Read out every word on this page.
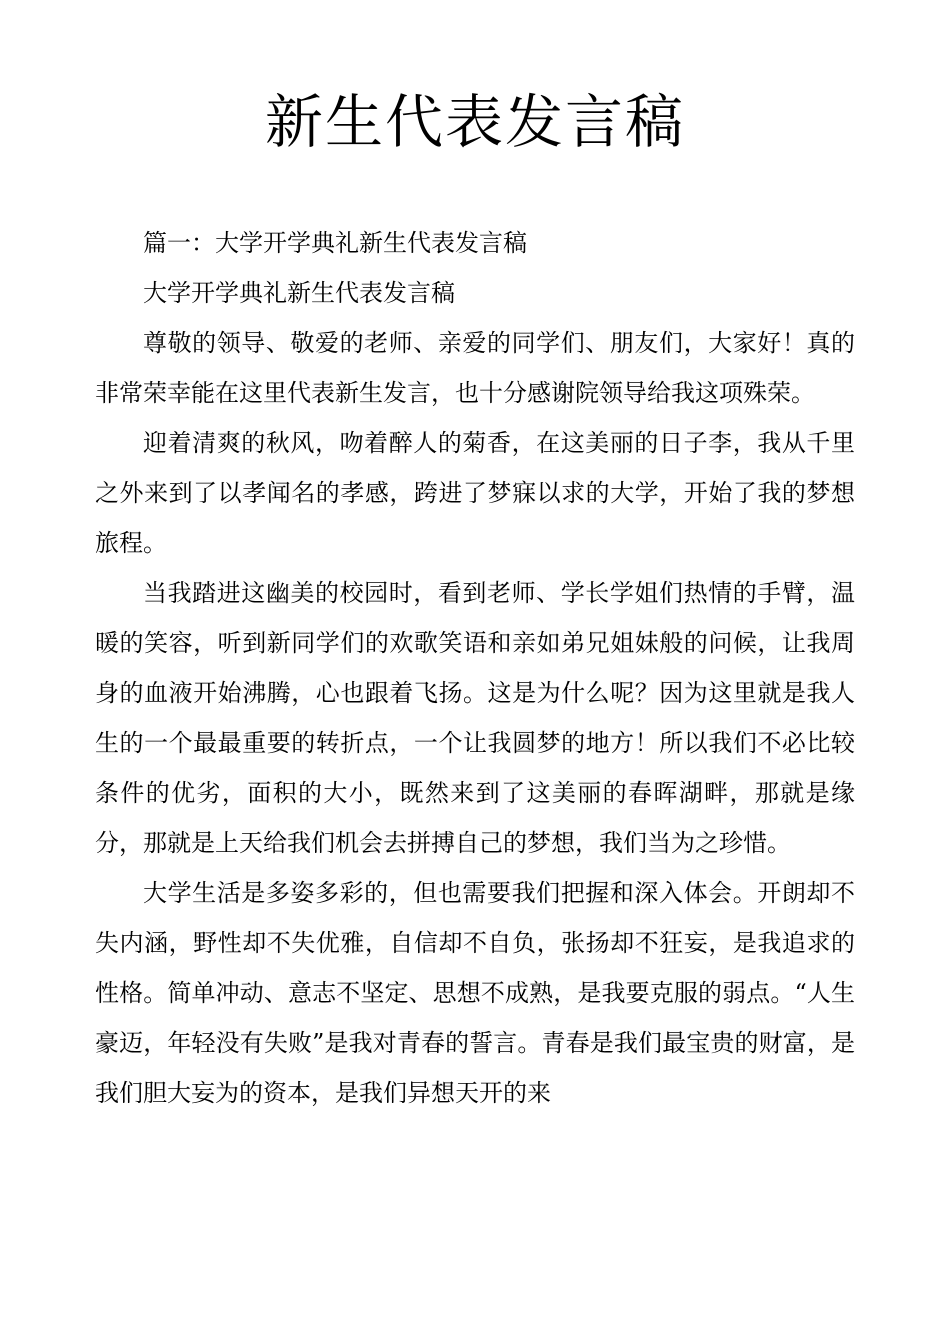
新生代表发言稿

篇一：大学开学典礼新生代表发言稿

大学开学典礼新生代表发言稿

尊敬的领导、敬爱的老师、亲爱的同学们、朋友们，大家好！真的非常荣幸能在这里代表新生发言，也十分感谢院领导给我这项殊荣。

迎着清爽的秋风，吻着醉人的菊香，在这美丽的日子李，我从千里之外来到了以孝闻名的孝感，跨进了梦寐以求的大学，开始了我的梦想旅程。

当我踏进这幽美的校园时，看到老师、学长学姐们热情的手臂，温暖的笑容，听到新同学们的欢歌笑语和亲如弟兄姐妹般的问候，让我周身的血液开始沸腾，心也跟着飞扬。这是为什么呢？因为这里就是我人生的一个最最重要的转折点，一个让我圆梦的地方！所以我们不必比较条件的优劣，面积的大小，既然来到了这美丽的春晖湖畔，那就是缘分，那就是上天给我们机会去拼搏自己的梦想，我们当为之珍惜。

大学生活是多姿多彩的，但也需要我们把握和深入体会。开朗却不失内涵，野性却不失优雅，自信却不自负，张扬却不狂妄，是我追求的性格。简单冲动、意志不坚定、思想不成熟，是我要克服的弱点。“人生豪迈，年轻没有失败”是我对青春的誓言。青春是我们最宝贵的财富，是我们胆大妄为的资本，是我们异想天开的来
